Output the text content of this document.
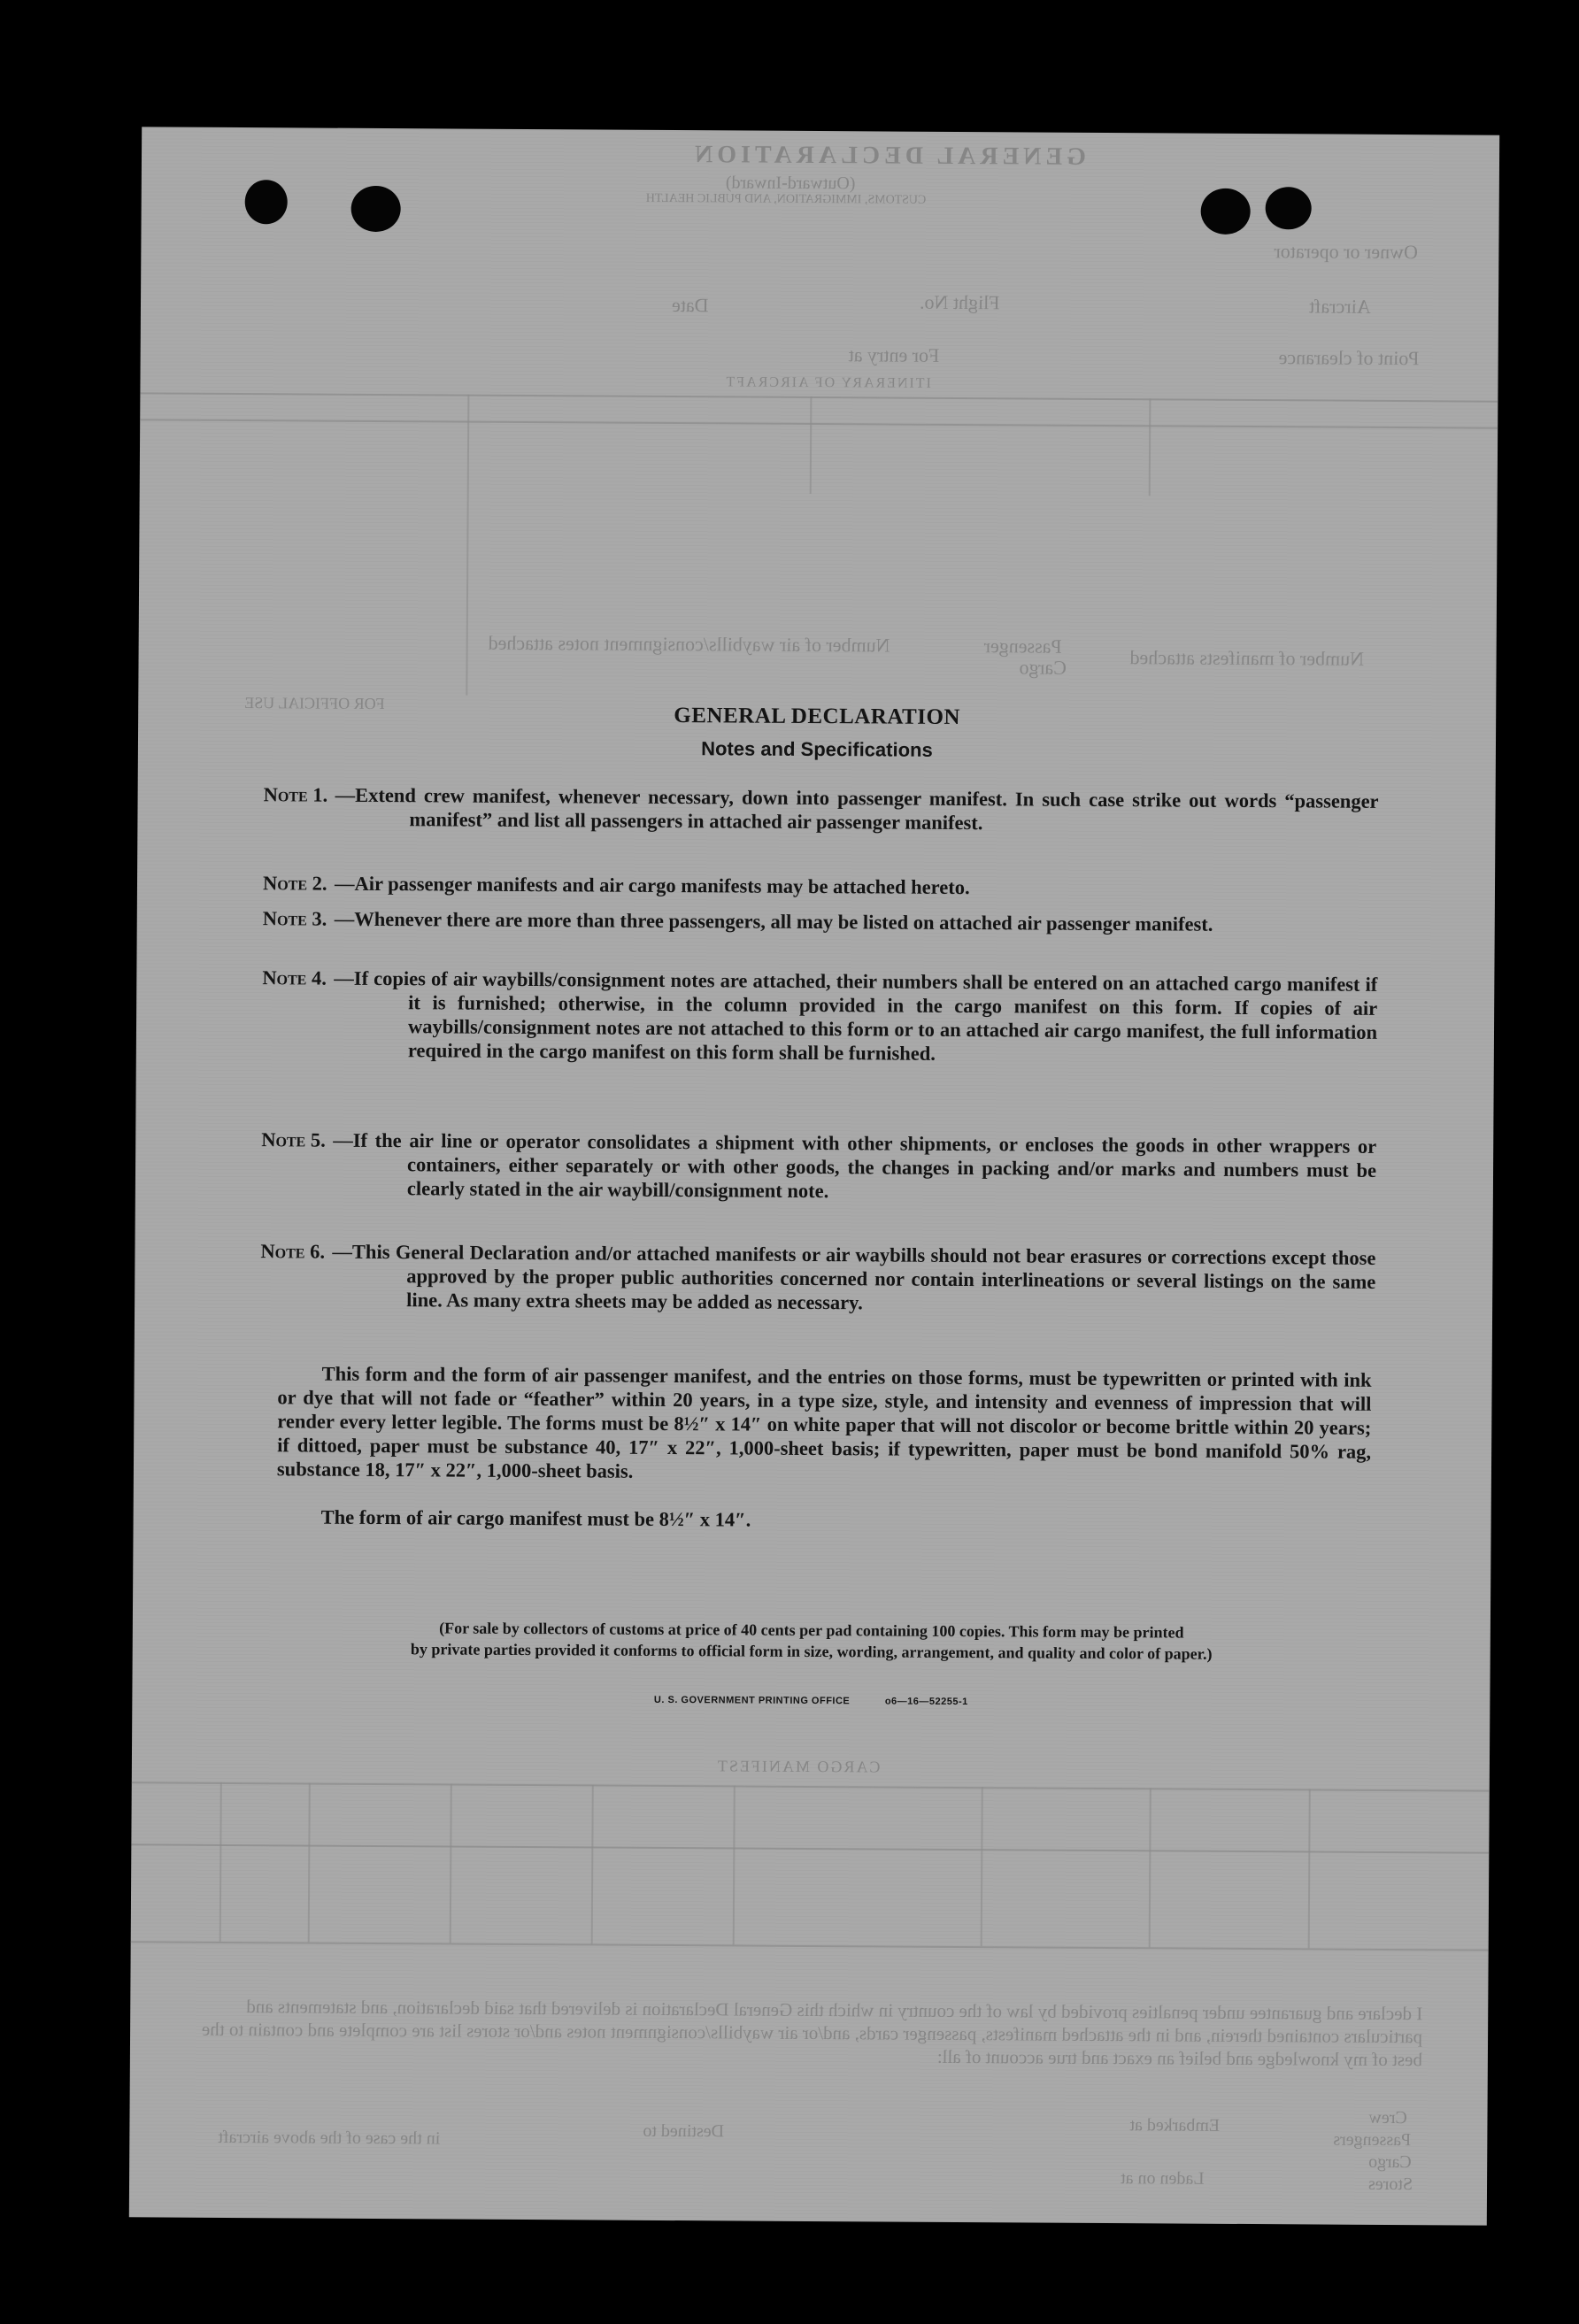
GENERAL DECLARATION
(Outward-Inward)
CUSTOMS, IMMIGRATION, AND PUBLIC HEALTH
Owner or operator
Aircraft
Flight No.
Date
Point of clearance
For entry at
ITINERARY OF AIRCRAFT
Number of manifests attached
Passenger
Cargo
Number of air waybills/consignment notes attached
FOR OFFICIAL USE
CARGO MANIFEST
I declare and guarantee under penalties provided by law of the country in which this General Declaration is delivered that said declaration, and statements and particulars contained therein, and in the attached manifests, passenger cards, and/or air waybills/consignment notes and/or stores list are complete and contain to the best of my knowledge and belief an exact and true account of all:
Crew
Passengers
Cargo
Stores
Embarked at
Laden on at
Destined to
in the case of the above aircraft
GENERAL DECLARATION
Notes and Specifications
Note 1. —Extend crew manifest, whenever necessary, down into passenger manifest. In such case strike out words “passenger manifest” and list all passengers in attached air passenger manifest.
Note 2. —Air passenger manifests and air cargo manifests may be attached hereto.
Note 3. —Whenever there are more than three passengers, all may be listed on attached air passenger manifest.
Note 4. —If copies of air waybills/consignment notes are attached, their numbers shall be entered on an attached cargo manifest if it is furnished; otherwise, in the column provided in the cargo manifest on this form. If copies of air waybills/consignment notes are not attached to this form or to an attached air cargo manifest, the full information required in the cargo manifest on this form shall be furnished.
Note 5. —If the air line or operator consolidates a shipment with other shipments, or encloses the goods in other wrappers or containers, either separately or with other goods, the changes in packing and/or marks and numbers must be clearly stated in the air waybill/consignment note.
Note 6. —This General Declaration and/or attached manifests or air waybills should not bear erasures or corrections except those approved by the proper public authorities concerned nor contain interlineations or several listings on the same line. As many extra sheets may be added as necessary.
This form and the form of air passenger manifest, and the entries on those forms, must be typewritten or printed with ink or dye that will not fade or “feather” within 20 years, in a type size, style, and intensity and evenness of impression that will render every letter legible. The forms must be 8½″ x 14″ on white paper that will not discolor or become brittle within 20 years; if dittoed, paper must be substance 40, 17″ x 22″, 1,000-sheet basis; if typewritten, paper must be bond manifold 50% rag, substance 18, 17″ x 22″, 1,000-sheet basis.
The form of air cargo manifest must be 8½″ x 14″.
(For sale by collectors of customs at price of 40 cents per pad containing 100 copies. This form may be printed
by private parties provided it conforms to official form in size, wording, arrangement, and quality and color of paper.)
U. S. GOVERNMENT PRINTING OFFICE	o6—16—52255-1
